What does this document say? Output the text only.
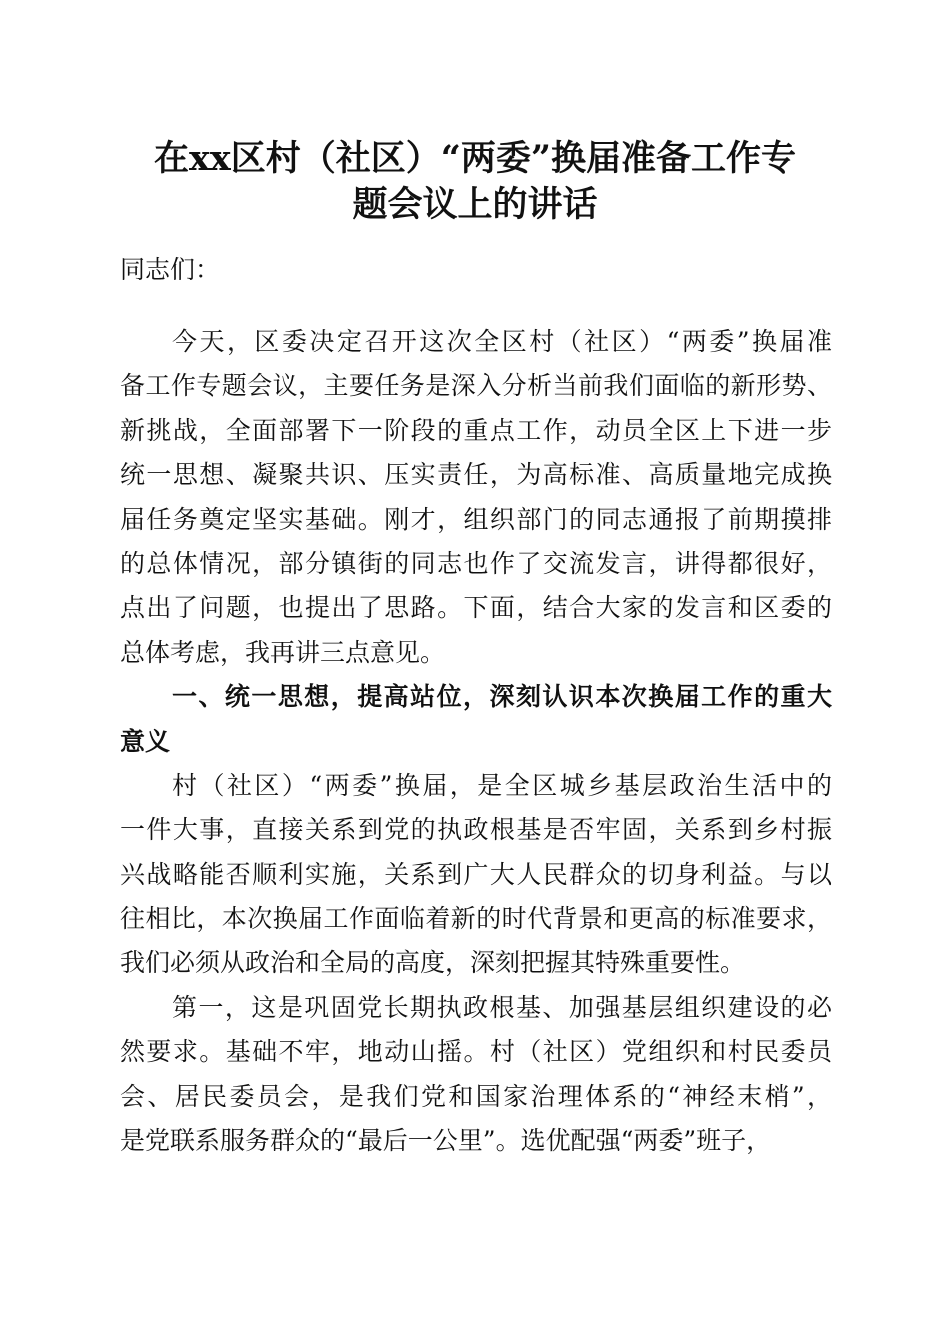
在xx区村（社区）“两委”换届准备工作专
题会议上的讲话
同志们：
今天，区委决定召开这次全区村（社区）“两委”换届准
备工作专题会议，主要任务是深入分析当前我们面临的新形势、
新挑战，全面部署下一阶段的重点工作，动员全区上下进一步
统一思想、凝聚共识、压实责任，为高标准、高质量地完成换
届任务奠定坚实基础。刚才，组织部门的同志通报了前期摸排
的总体情况，部分镇街的同志也作了交流发言，讲得都很好，
点出了问题，也提出了思路。下面，结合大家的发言和区委的
总体考虑，我再讲三点意见。
一、统一思想，提高站位，深刻认识本次换届工作的重大
意义
村（社区）“两委”换届，是全区城乡基层政治生活中的
一件大事，直接关系到党的执政根基是否牢固，关系到乡村振
兴战略能否顺利实施，关系到广大人民群众的切身利益。与以
往相比，本次换届工作面临着新的时代背景和更高的标准要求，
我们必须从政治和全局的高度，深刻把握其特殊重要性。
第一，这是巩固党长期执政根基、加强基层组织建设的必
然要求。基础不牢，地动山摇。村（社区）党组织和村民委员
会、居民委员会，是我们党和国家治理体系的“神经末梢”，
是党联系服务群众的“最后一公里”。选优配强“两委”班子，
